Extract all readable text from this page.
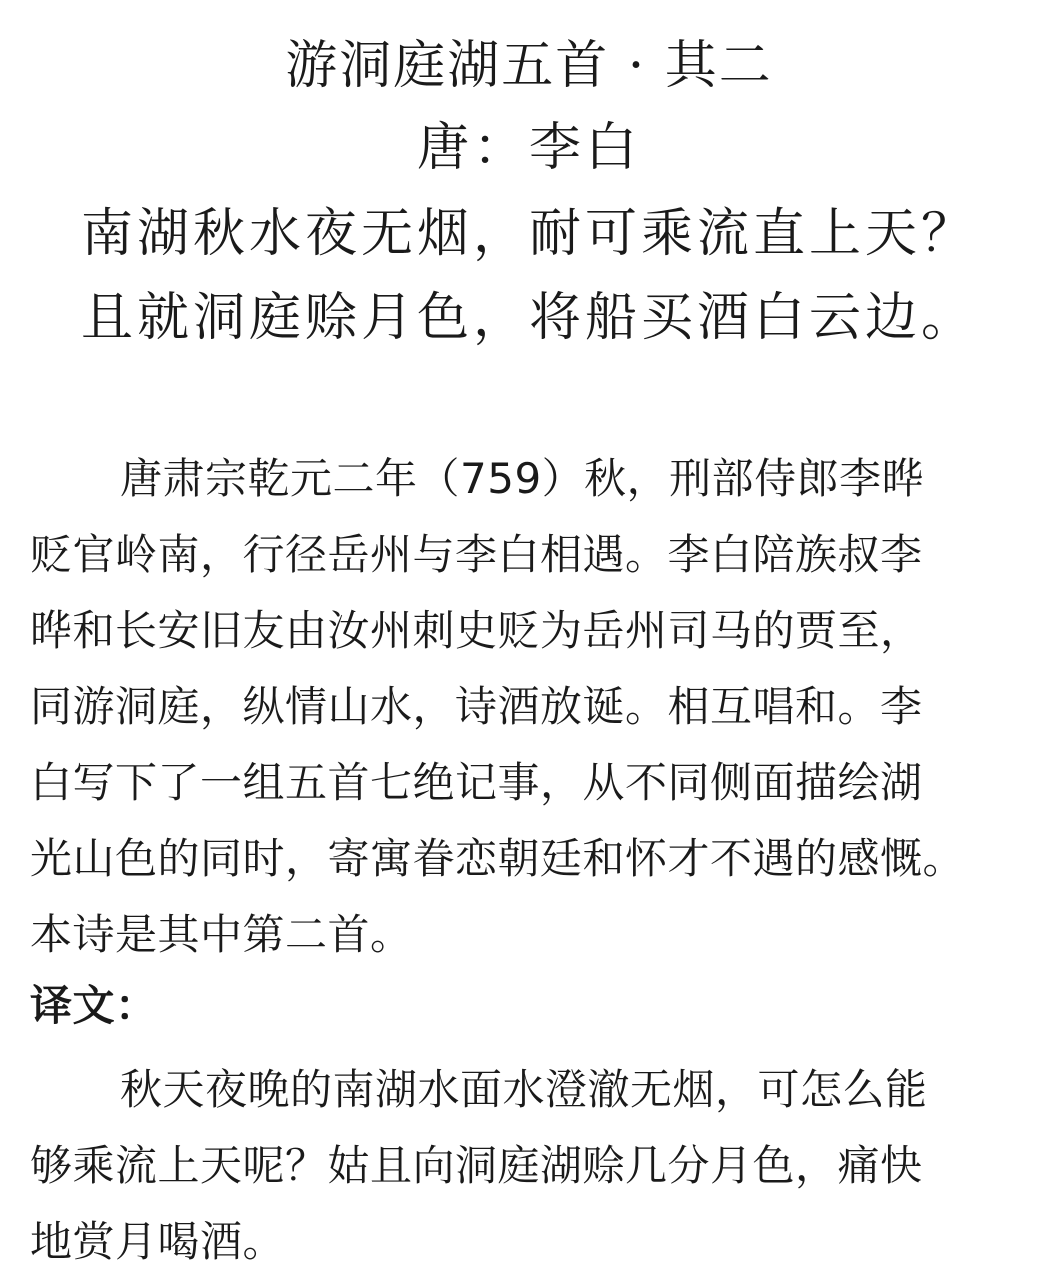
游洞庭湖五首 · 其二
唐：李白
南湖秋水夜无烟，耐可乘流直上天？
且就洞庭赊月色，将船买酒白云边。
唐肃宗乾元二年（759）秋，刑部侍郎李晔
贬官岭南，行径岳州与李白相遇。李白陪族叔李
晔和长安旧友由汝州刺史贬为岳州司马的贾至，
同游洞庭，纵情山水，诗酒放诞。相互唱和。李
白写下了一组五首七绝记事，从不同侧面描绘湖
光山色的同时，寄寓眷恋朝廷和怀才不遇的感慨。
本诗是其中第二首。
译文：
秋天夜晚的南湖水面水澄澈无烟，可怎么能
够乘流上天呢？姑且向洞庭湖赊几分月色，痛快
地赏月喝酒。
